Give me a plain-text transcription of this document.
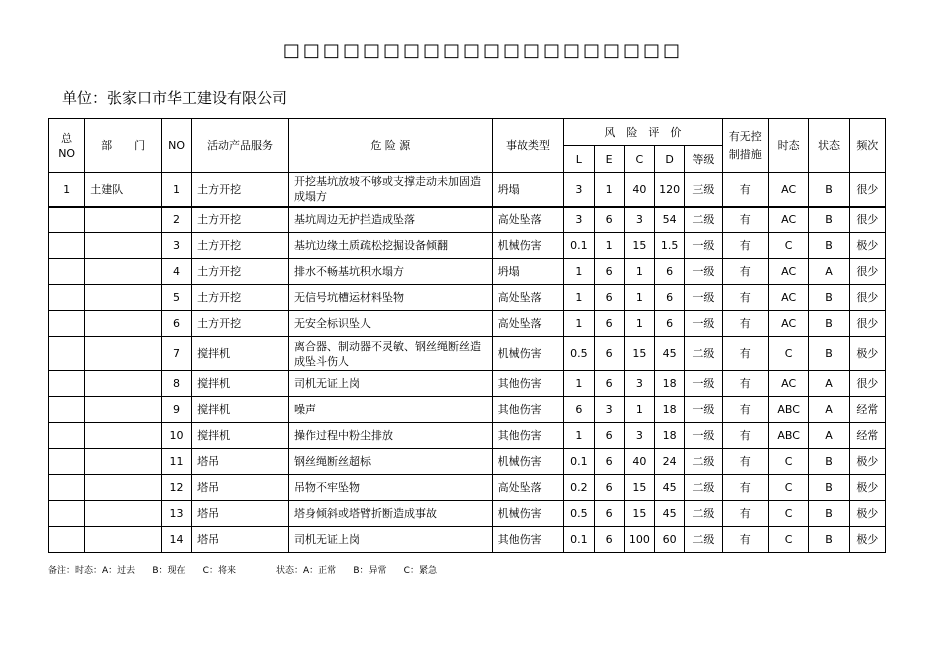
□□□□□□□□□□□□□□□□□□□□
单位：张家口市华工建设有限公司
总
NO	部　　门	NO	活动产品服务	危 险 源	事故类型	风　险　评　价					有无控制措施	时态	状态	频次
						L	E	C	D	等级				
1	土建队	1	土方开挖	开挖基坑放坡不够或支撑走动未加固造成塌方	坍塌	3	1	40	120	三级	有	AC	B	很少
		2	土方开挖	基坑周边无护拦造成坠落	高处坠落	3	6	3	54	二级	有	AC	B	很少
		3	土方开挖	基坑边缘土质疏松挖掘设备倾翻	机械伤害	0.1	1	15	1.5	一级	有	C	B	极少
		4	土方开挖	排水不畅基坑积水塌方	坍塌	1	6	1	6	一级	有	AC	A	很少
		5	土方开挖	无信号坑槽运材料坠物	高处坠落	1	6	1	6	一级	有	AC	B	很少
		6	土方开挖	无安全标识坠人	高处坠落	1	6	1	6	一级	有	AC	B	很少
		7	搅拌机	离合器、制动器不灵敏、钢丝绳断丝造成坠斗伤人	机械伤害	0.5	6	15	45	二级	有	C	B	极少
		8	搅拌机	司机无证上岗	其他伤害	1	6	3	18	一级	有	AC	A	很少
		9	搅拌机	噪声	其他伤害	6	3	1	18	一级	有	ABC	A	经常
		10	搅拌机	操作过程中粉尘排放	其他伤害	1	6	3	18	一级	有	ABC	A	经常
		11	塔吊	钢丝绳断丝超标	机械伤害	0.1	6	40	24	二级	有	C	B	极少
		12	塔吊	吊物不牢坠物	高处坠落	0.2	6	15	45	二级	有	C	B	极少
		13	塔吊	塔身倾斜或塔臂折断造成事故	机械伤害	0.5	6	15	45	二级	有	C	B	极少
		14	塔吊	司机无证上岗	其他伤害	0.1	6	100	60	二级	有	C	B	极少
备注：时态：A：过去      B：现在      C：将来              状态：A：正常      B：异常      C：紧急
